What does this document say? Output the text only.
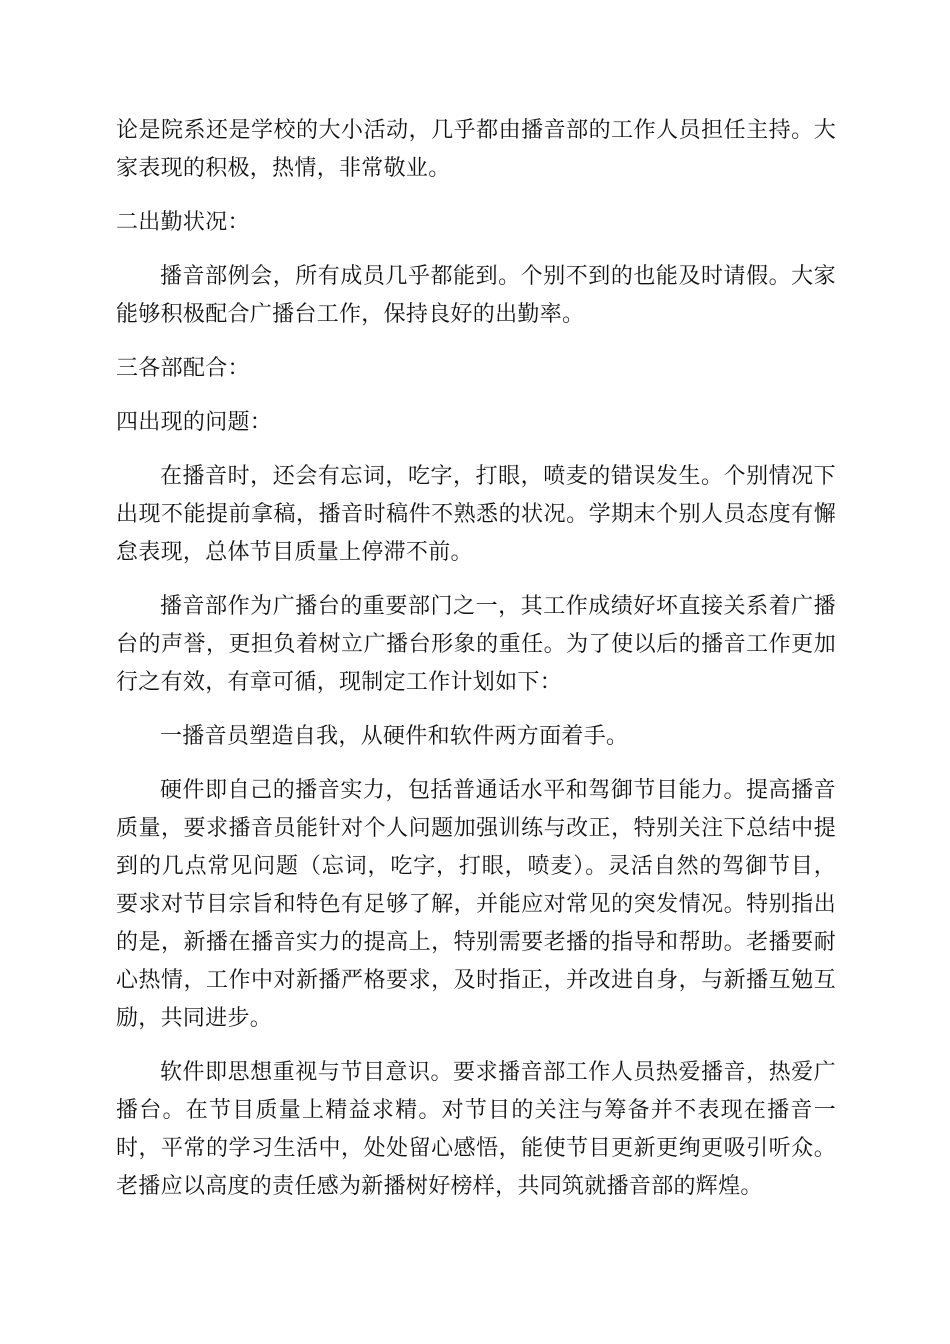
论是院系还是学校的大小活动，几乎都由播音部的工作人员担任主持。大家表现的积极，热情，非常敬业。

二出勤状况：

播音部例会，所有成员几乎都能到。个别不到的也能及时请假。大家能够积极配合广播台工作，保持良好的出勤率。

三各部配合：

四出现的问题：

在播音时，还会有忘词，吃字，打眼，喷麦的错误发生。个别情况下出现不能提前拿稿，播音时稿件不熟悉的状况。学期末个别人员态度有懈怠表现，总体节目质量上停滞不前。

播音部作为广播台的重要部门之一，其工作成绩好坏直接关系着广播台的声誉，更担负着树立广播台形象的重任。为了使以后的播音工作更加行之有效，有章可循，现制定工作计划如下：

一播音员塑造自我，从硬件和软件两方面着手。

硬件即自己的播音实力，包括普通话水平和驾御节目能力。提高播音质量，要求播音员能针对个人问题加强训练与改正，特别关注下总结中提到的几点常见问题（忘词，吃字，打眼，喷麦）。灵活自然的驾御节目，要求对节目宗旨和特色有足够了解，并能应对常见的突发情况。特别指出的是，新播在播音实力的提高上，特别需要老播的指导和帮助。老播要耐心热情，工作中对新播严格要求，及时指正，并改进自身，与新播互勉互励，共同进步。

软件即思想重视与节目意识。要求播音部工作人员热爱播音，热爱广播台。在节目质量上精益求精。对节目的关注与筹备并不表现在播音一时，平常的学习生活中，处处留心感悟，能使节目更新更绚更吸引听众。老播应以高度的责任感为新播树好榜样，共同筑就播音部的辉煌。
